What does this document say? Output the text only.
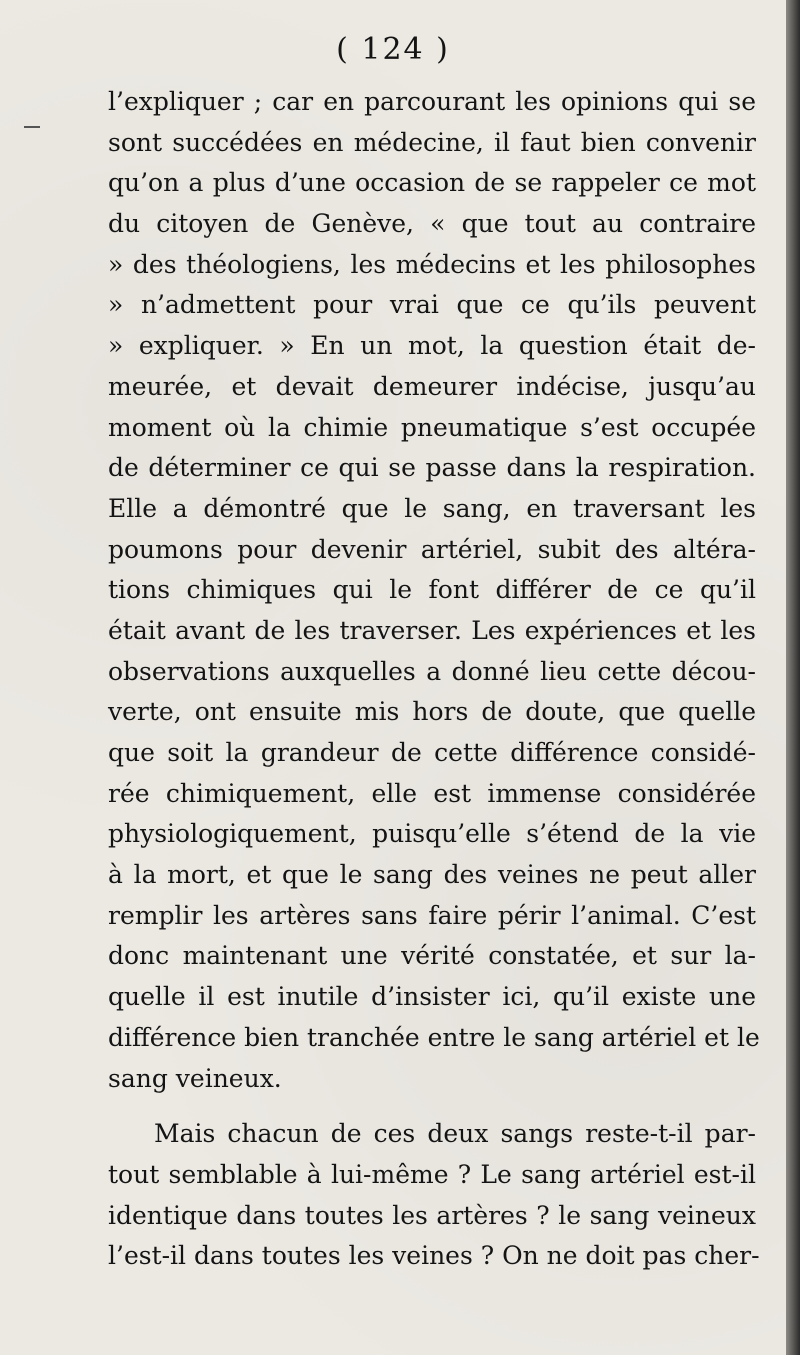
( 124 )
l’expliquer ; car en parcourant les opinions qui se
sont succédées en médecine, il faut bien convenir
qu’on a plus d’une occasion de se rappeler ce mot
du citoyen de Genève, « que tout au contraire
» des théologiens, les médecins et les philosophes
» n’admettent pour vrai que ce qu’ils peuvent
» expliquer. » En un mot, la question était de-
meurée, et devait demeurer indécise, jusqu’au
moment où la chimie pneumatique s’est occupée
de déterminer ce qui se passe dans la respiration.
Elle a démontré que le sang, en traversant les
poumons pour devenir artériel, subit des altéra-
tions chimiques qui le font différer de ce qu’il
était avant de les traverser. Les expériences et les
observations auxquelles a donné lieu cette décou-
verte, ont ensuite mis hors de doute, que quelle
que soit la grandeur de cette différence considé-
rée chimiquement, elle est immense considérée
physiologiquement, puisqu’elle s’étend de la vie
à la mort, et que le sang des veines ne peut aller
remplir les artères sans faire périr l’animal. C’est
donc maintenant une vérité constatée, et sur la-
quelle il est inutile d’insister ici, qu’il existe une
différence bien tranchée entre le sang artériel et le
sang veineux.
Mais chacun de ces deux sangs reste-t-il par-
tout semblable à lui-même ? Le sang artériel est-il
identique dans toutes les artères ? le sang veineux
l’est-il dans toutes les veines ? On ne doit pas cher-
